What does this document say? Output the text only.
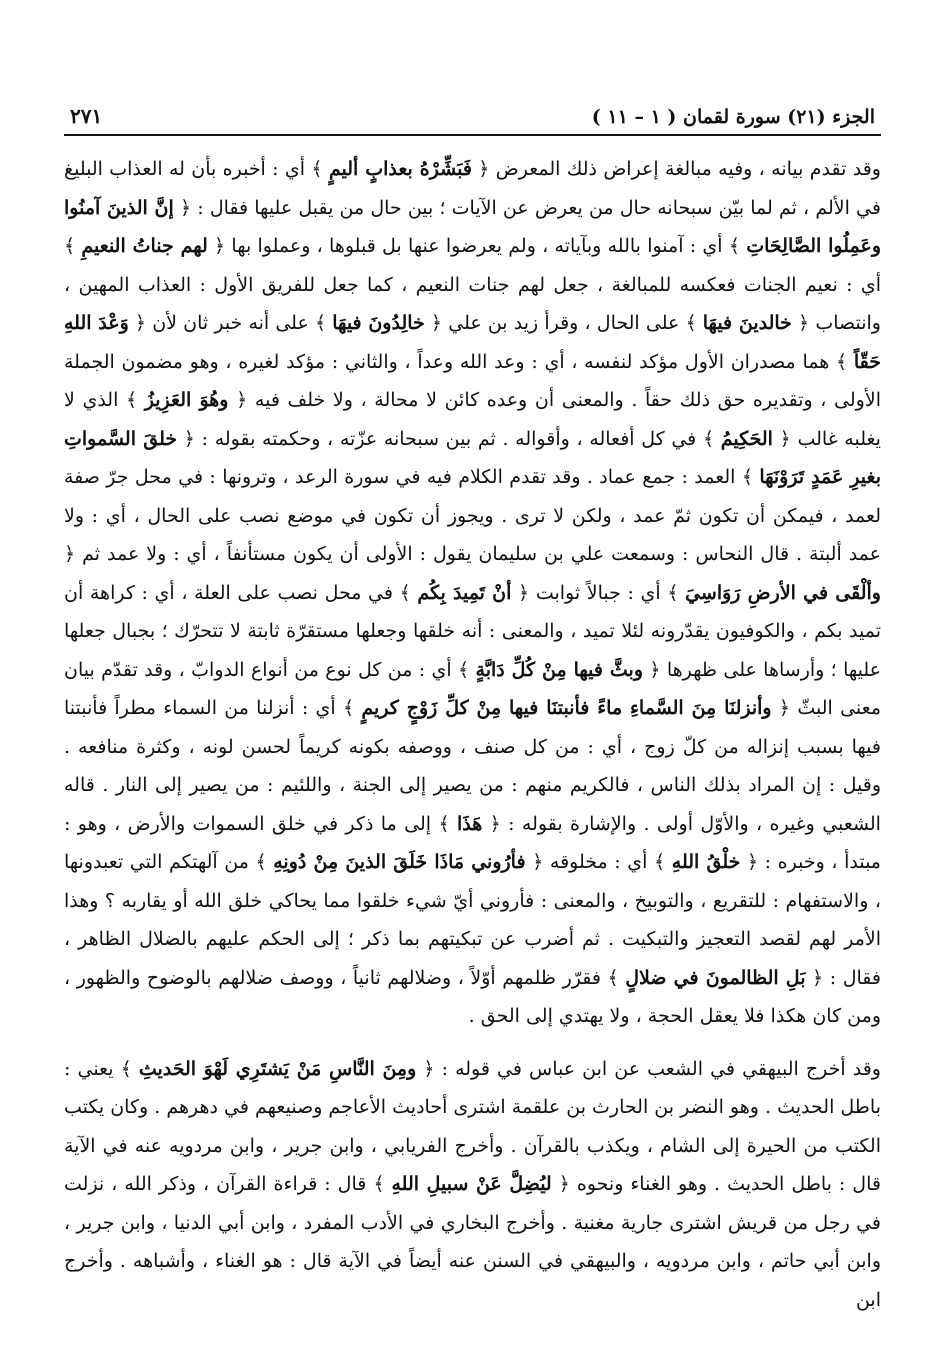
الجزء (٢١) سورة لقمان ( ١ – ١١ )
٢٧١

وقد تقدم بيانه ، وفيه مبالغة إعراض ذلك المعرض ﴿ فَبَشِّرْهُ بعذابٍ أليمٍ ﴾ أي : أخبره بأن له العذاب البليغ في الألم ، ثم لما بيّن سبحانه حال من يعرض عن الآيات ؛ بين حال من يقبل عليها فقال : ﴿ إنَّ الذينَ آمنُوا وعَمِلُوا الصَّالِحَاتِ ﴾ أي : آمنوا بالله وبآياته ، ولم يعرضوا عنها بل قبلوها ، وعملوا بها ﴿ لهم جناتُ النعيمِ ﴾ أي : نعيم الجنات فعكسه للمبالغة ، جعل لهم جنات النعيم ، كما جعل للفريق الأول : العذاب المهين ، وانتصاب ﴿ خالدينَ فيهَا ﴾ على الحال ، وقرأ زيد بن علي ﴿ خالِدُونَ فيهَا ﴾ على أنه خبر ثان لأن ﴿ وَعْدَ اللهِ حَقّاً ﴾ هما مصدران الأول مؤكد لنفسه ، أي : وعد الله وعداً ، والثاني : مؤكد لغيره ، وهو مضمون الجملة الأولى ، وتقديره حق ذلك حقاً . والمعنى أن وعده كائن لا محالة ، ولا خلف فيه ﴿ وهُوَ العَزِيزُ ﴾ الذي لا يغلبه غالب ﴿ الحَكِيمُ ﴾ في كل أفعاله ، وأقواله . ثم بين سبحانه عزّته ، وحكمته بقوله : ﴿ خلقَ السَّمواتِ بغيرِ عَمَدٍ تَرَوْنَهَا ﴾ العمد : جمع عماد . وقد تقدم الكلام فيه في سورة الرعد ، وترونها : في محل جرّ صفة لعمد ، فيمكن أن تكون ثمّ عمد ، ولكن لا ترى . ويجوز أن تكون في موضع نصب على الحال ، أي : ولا عمد ألبتة . قال النحاس : وسمعت علي بن سليمان يقول : الأولى أن يكون مستأنفاً ، أي : ولا عمد ثم ﴿ وألْقَى في الأرضِ رَوَاسِيَ ﴾ أي : جبالاً ثوابت ﴿ أنْ تَمِيدَ بِكُم ﴾ في محل نصب على العلة ، أي : كراهة أن تميد بكم ، والكوفيون يقدّرونه لئلا تميد ، والمعنى : أنه خلقها وجعلها مستقرّة ثابتة لا تتحرّك ؛ بجبال جعلها عليها ؛ وأرساها على ظهرها ﴿ وبثَّ فيها مِنْ كُلِّ دَابَّةٍ ﴾ أي : من كل نوع من أنواع الدوابّ ، وقد تقدّم بيان معنى البثّ ﴿ وأنزلنَا مِنَ السَّماءِ ماءً فأنبتنَا فيها مِنْ كلِّ زَوْجٍ كريمٍ ﴾ أي : أنزلنا من السماء مطراً فأنبتنا فيها بسبب إنزاله من كلّ زوج ، أي : من كل صنف ، ووصفه بكونه كريماً لحسن لونه ، وكثرة منافعه . وقيل : إن المراد بذلك الناس ، فالكريم منهم : من يصير إلى الجنة ، واللئيم : من يصير إلى النار . قاله الشعبي وغيره ، والأوّل أولى . والإشارة بقوله : ﴿ هَذَا ﴾ إلى ما ذكر في خلق السموات والأرض ، وهو : مبتدأ ، وخبره : ﴿ خلْقُ اللهِ ﴾ أي : مخلوقه ﴿ فأرُوني مَاذَا خَلَقَ الذينَ مِنْ دُونِهِ ﴾ من آلهتكم التي تعبدونها ، والاستفهام : للتقريع ، والتوبيخ ، والمعنى : فأروني أيّ شيء خلقوا مما يحاكي خلق الله أو يقاربه ؟ وهذا الأمر لهم لقصد التعجيز والتبكيت . ثم أضرب عن تبكيتهم بما ذكر ؛ إلى الحكم عليهم بالضلال الظاهر ، فقال : ﴿ بَلِ الظالمونَ في ضلالٍ ﴾ فقرّر ظلمهم أوّلاً ، وضلالهم ثانياً ، ووصف ضلالهم بالوضوح والظهور ، ومن كان هكذا فلا يعقل الحجة ، ولا يهتدي إلى الحق .

وقد أخرج البيهقي في الشعب عن ابن عباس في قوله : ﴿ ومِنَ النَّاسِ مَنْ يَشتَرِي لَهْوَ الحَديثِ ﴾ يعني : باطل الحديث . وهو النضر بن الحارث بن علقمة اشترى أحاديث الأعاجم وصنيعهم في دهرهم . وكان يكتب الكتب من الحيرة إلى الشام ، ويكذب بالقرآن . وأخرج الفريابي ، وابن جرير ، وابن مردويه عنه في الآية قال : باطل الحديث . وهو الغناء ونحوه ﴿ ليُضِلَّ عَنْ سبيلِ اللهِ ﴾ قال : قراءة القرآن ، وذكر الله ، نزلت في رجل من قريش اشترى جارية مغنية . وأخرج البخاري في الأدب المفرد ، وابن أبي الدنيا ، وابن جرير ، وابن أبي حاتم ، وابن مردويه ، والبيهقي في السنن عنه أيضاً في الآية قال : هو الغناء ، وأشباهه . وأخرج ابن
